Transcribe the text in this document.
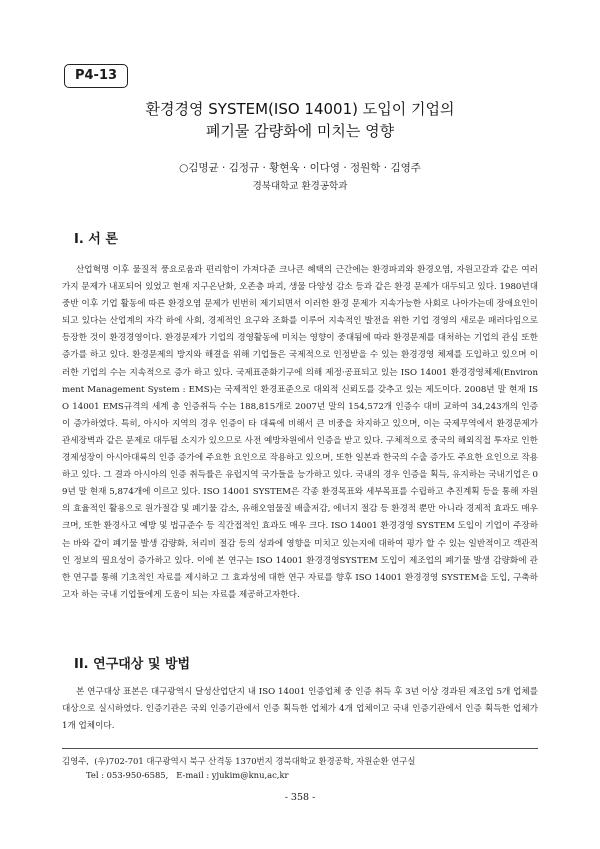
P4-13
환경경영 SYSTEM(ISO 14001) 도입이 기업의
폐기물 감량화에 미치는 영향
○김명균 · 김정규 · 황현욱 · 이다영 · 정원학 · 김영주
경북대학교 환경공학과
I. 서 론

산업혁명 이후 물질적 풍요로움과 편리함이 가져다준 크나큰 혜택의 근간에는 환경파괴와 환경오염, 자원고갈과 같은 여러 가지 문제가 내포되어 있었고 현재 지구온난화, 오존층 파괴, 생물 다양성 감소 등과 같은 환경 문제가 대두되고 있다. 1980년대 중반 이후 기업 활동에 따른 환경오염 문제가 빈번히 제기되면서 이러한 환경 문제가 지속가능한 사회로 나아가는데 장애요인이 되고 있다는 산업계의 자각 하에 사회, 경제적인 요구와 조화를 이루어 지속적인 발전을 위한 기업 경영의 새로운 패러다임으로 등장한 것이 환경경영이다. 환경문제가 기업의 경영활동에 미치는 영향이 중대됨에 따라 환경문제를 대처하는 기업의 관심 또한 증가를 하고 있다. 환경문제의 방지와 해결을 위해 기업들은 국제적으로 인정받을 수 있는 환경경영 체제를 도입하고 있으며 이러한 기업의 수는 지속적으로 증가 하고 있다. 국제표준화기구에 의해 제정·공표되고 있는 ISO 14001 환경경영체제(Environment Management System : EMS)는 국제적인 환경표준으로 대외적 신뢰도를 갖추고 있는 제도이다. 2008년 말 현재 ISO 14001 EMS규격의 세계 총 인증취득 수는 188,815개로 2007년 말의 154,572개 인증수 대비 교하여 34,243개의 인증이 증가하였다. 특히, 아시아 지역의 경우 인증이 타 대륙에 비해서 큰 비중을 차지하고 있으며, 이는 국제무역에서 환경문제가 관세장벽과 같은 문제로 대두될 소지가 있으므로 사전 예방차원에서 인증을 받고 있다. 구체적으로 중국의 해외직접 투자로 인한 경제성장이 아시아대륙의 인증 증가에 주요한 요인으로 작용하고 있으며, 또한 일본과 한국의 수출 증가도 주요한 요인으로 작용하고 있다. 그 결과 아시아의 인증 취득률은 유럽지역 국가들을 능가하고 있다. 국내의 경우 인증을 획득, 유지하는 국내기업은 09년 말 현재 5,874개에 이르고 있다. ISO 14001 SYSTEM은 각종 환경목표와 세부목표를 수립하고 추진계획 등을 통해 자원의 효율적인 활용으로 원가절감 및 폐기물 감소, 유해오염물질 배출저감, 에너지 절감 등 환경적 뿐만 아니라 경제적 효과도 매우 크며, 또한 환경사고 예방 및 법규준수 등 직간접적인 효과도 매우 크다. ISO 14001 환경경영 SYSTEM 도입이 기업이 주장하는 바와 같이 폐기물 발생 감량화, 처리비 절감 등의 성과에 영향을 미치고 있는지에 대하여 평가 할 수 있는 일반적이고 객관적인 정보의 필요성이 증가하고 있다. 이에 본 연구는 ISO 14001 환경경영SYSTEM 도입이 제조업의 폐기물 발생 감량화에 관한 연구를 통해 기초적인 자료를 제시하고 그 효과성에 대한 연구 자료를 향후 ISO 14001 환경경영 SYSTEM을 도입, 구축하고자 하는 국내 기업들에게 도움이 되는 자료를 제공하고자한다.

II. 연구대상 및 방법

본 연구대상 표본은 대구광역시 달성산업단지 내 ISO 14001 인증업체 중 인증 취득 후 3년 이상 경과된 제조업 5개 업체를 대상으로 실시하였다. 인증기관은 국외 인증기관에서 인증 획득한 업체가 4개 업체이고 국내 인증기관에서 인증 획득한 업체가 1개 업체이다.

김영주,  (우)702-701 대구광역시 북구 산격동 1370번지 경북대학교 환경공학, 자원순환 연구실
Tel : 053-950-6585,   E-mail : yjukim@knu,ac,kr
- 358 -
